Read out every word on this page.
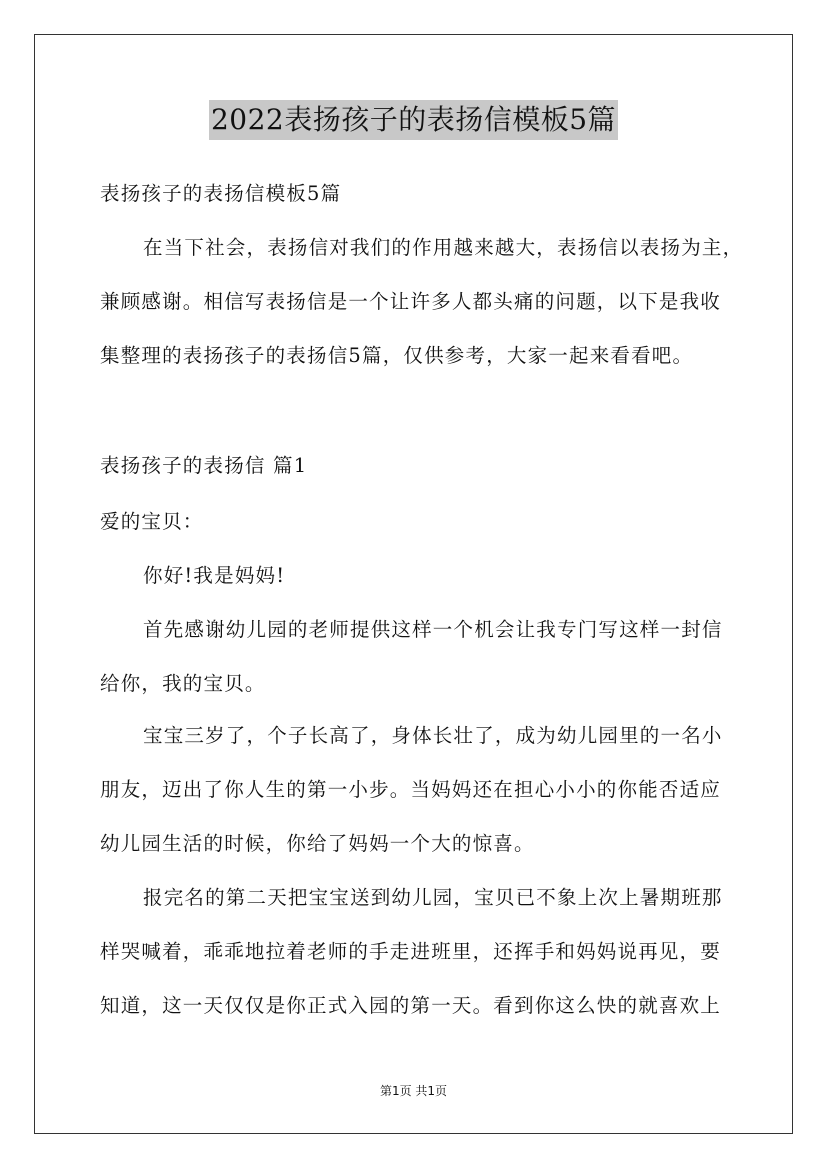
2022表扬孩子的表扬信模板5篇
表扬孩子的表扬信模板5篇
在当下社会，表扬信对我们的作用越来越大，表扬信以表扬为主，
兼顾感谢。相信写表扬信是一个让许多人都头痛的问题，以下是我收
集整理的表扬孩子的表扬信5篇，仅供参考，大家一起来看看吧。
表扬孩子的表扬信 篇1
爱的宝贝：
你好!我是妈妈!
首先感谢幼儿园的老师提供这样一个机会让我专门写这样一封信
给你，我的宝贝。
宝宝三岁了，个子长高了，身体长壮了，成为幼儿园里的一名小
朋友，迈出了你人生的第一小步。当妈妈还在担心小小的你能否适应
幼儿园生活的时候，你给了妈妈一个大的惊喜。
报完名的第二天把宝宝送到幼儿园，宝贝已不象上次上暑期班那
样哭喊着，乖乖地拉着老师的手走进班里，还挥手和妈妈说再见，要
知道，这一天仅仅是你正式入园的第一天。看到你这么快的就喜欢上
第1页 共1页
